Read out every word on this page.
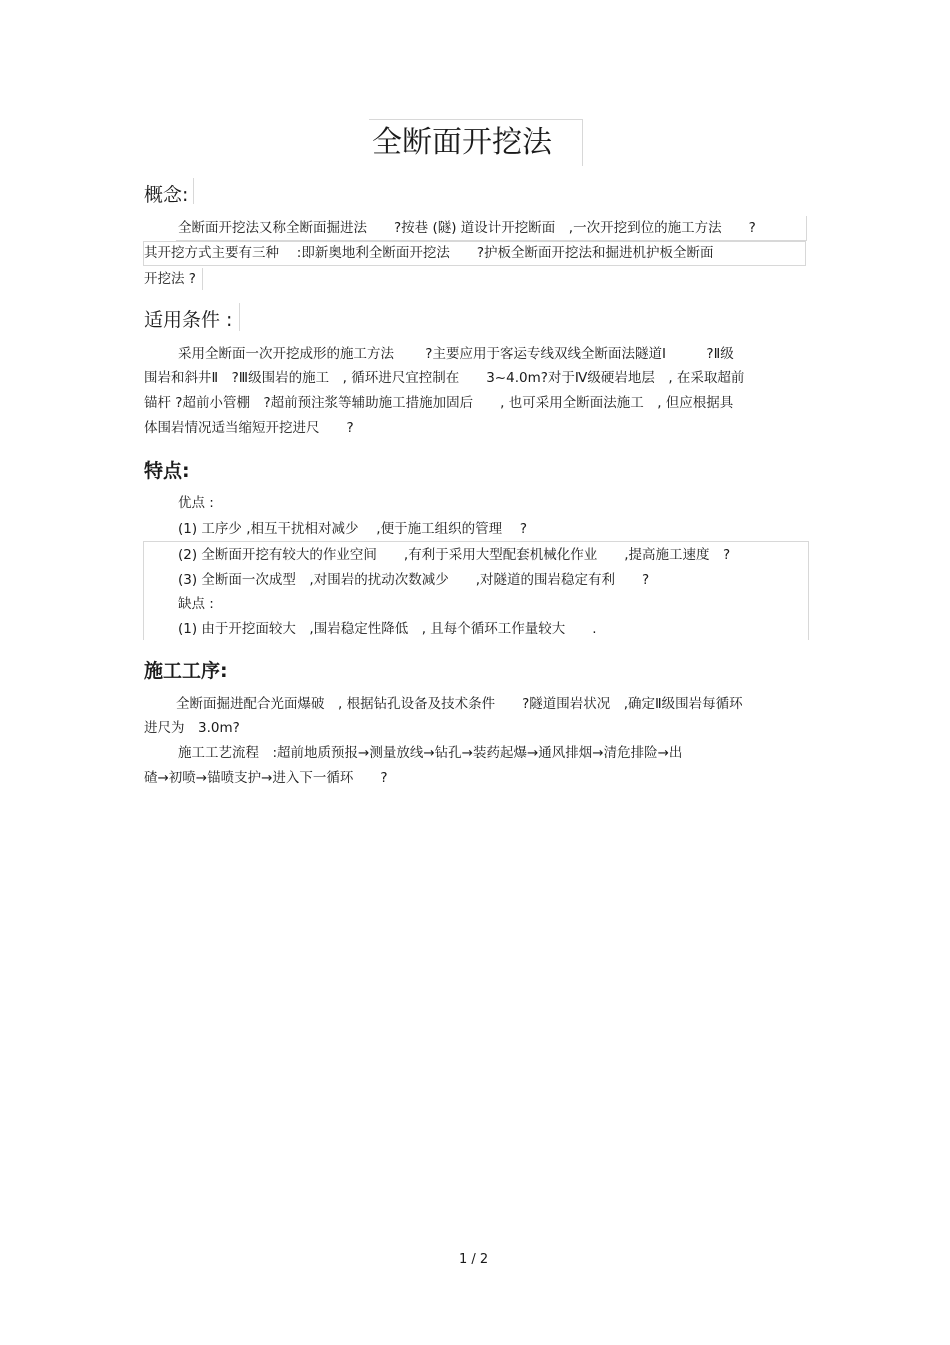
全断面开挖法
概念:
全断面开挖法又称全断面掘进法　　?按巷 (隧) 道设计开挖断面　,一次开挖到位的施工方法　　?
其开挖方式主要有三种　 :即新奥地利全断面开挖法　　?护板全断面开挖法和掘进机护板全断面
开挖法 ?
适用条件 :
采用全断面一次开挖成形的施工方法　　 ?主要应用于客运专线双线全断面法隧道Ⅰ　　　?Ⅱ级
围岩和斜井Ⅱ　?Ⅲ级围岩的施工　, 循环进尺宜控制在　　3~4.0m?对于Ⅳ级硬岩地层　, 在采取超前
锚杆 ?超前小管棚　?超前预注浆等辅助施工措施加固后　　, 也可采用全断面法施工　, 但应根据具
体围岩情况适当缩短开挖进尺　　?
特点:
优点 :
(1) 工序少 ,相互干扰相对减少　 ,便于施工组织的管理　 ?
(2) 全断面开挖有较大的作业空间　　,有利于采用大型配套机械化作业　　,提高施工速度　?
(3) 全断面一次成型　,对围岩的扰动次数减少　　,对隧道的围岩稳定有利　　?
缺点 :
(1) 由于开挖面较大　,围岩稳定性降低　, 且每个循环工作量较大　　.
施工工序:
全断面掘进配合光面爆破　, 根据钻孔设备及技术条件　　?隧道围岩状况　,确定Ⅱ级围岩每循环
进尺为　3.0m?
施工工艺流程　:超前地质预报→测量放线→钻孔→装药起爆→通风排烟→清危排险→出
碴→初喷→锚喷支护→进入下一循环　　?
1 / 2
